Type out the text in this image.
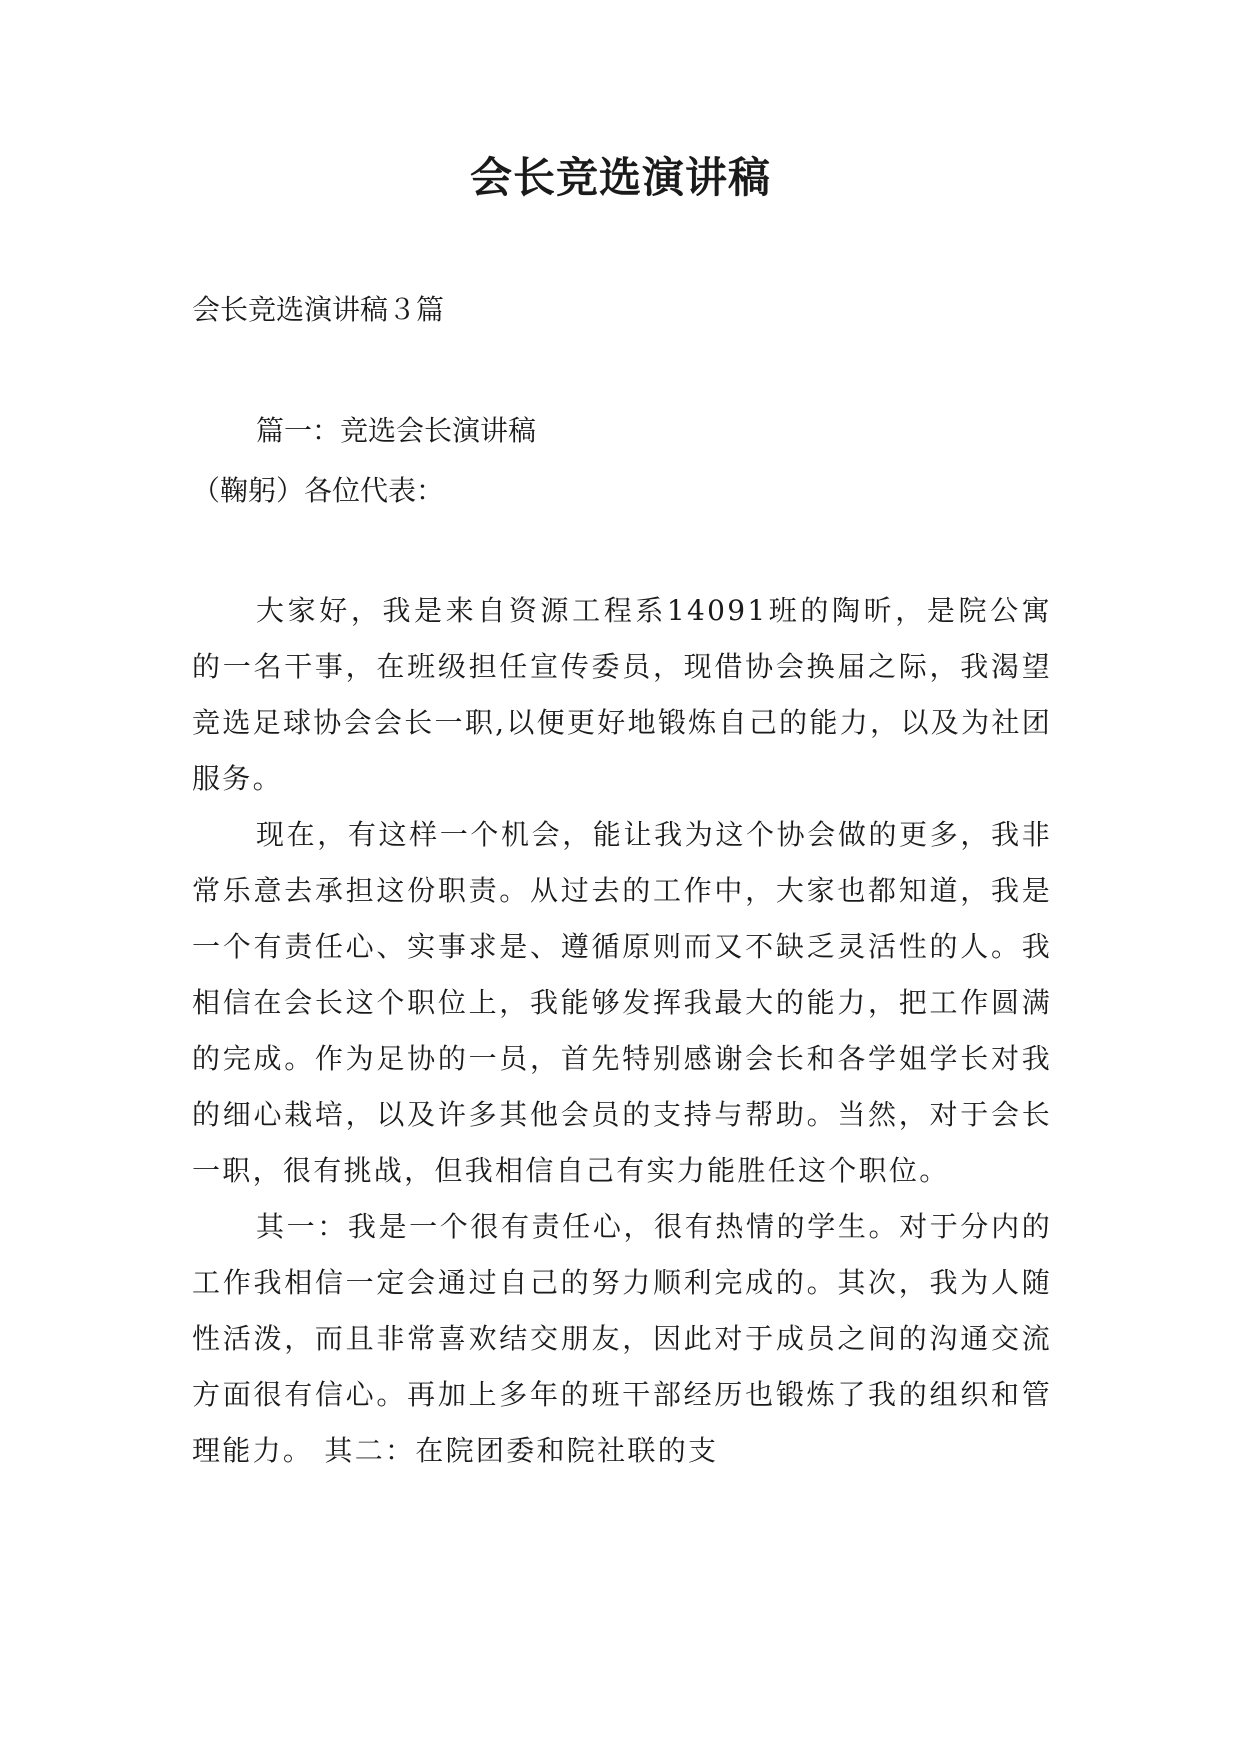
会长竞选演讲稿
会长竞选演讲稿３篇
篇一：竞选会长演讲稿
（鞠躬）各位代表：

大家好，我是来自资源工程系14091班的陶昕，是院公寓的一名干事，在班级担任宣传委员，现借协会换届之际，我渴望竞选足球协会会长一职,以便更好地锻炼自己的能力，以及为社团服务。

现在，有这样一个机会，能让我为这个协会做的更多，我非常乐意去承担这份职责。从过去的工作中，大家也都知道，我是一个有责任心、实事求是、遵循原则而又不缺乏灵活性的人。我相信在会长这个职位上，我能够发挥我最大的能力，把工作圆满的完成。作为足协的一员，首先特别感谢会长和各学姐学长对我的细心栽培，以及许多其他会员的支持与帮助。当然，对于会长一职，很有挑战，但我相信自己有实力能胜任这个职位。

其一：我是一个很有责任心，很有热情的学生。对于分内的工作我相信一定会通过自己的努力顺利完成的。其次，我为人随性活泼，而且非常喜欢结交朋友，因此对于成员之间的沟通交流方面很有信心。再加上多年的班干部经历也锻炼了我的组织和管理能力。 其二：在院团委和院社联的支
